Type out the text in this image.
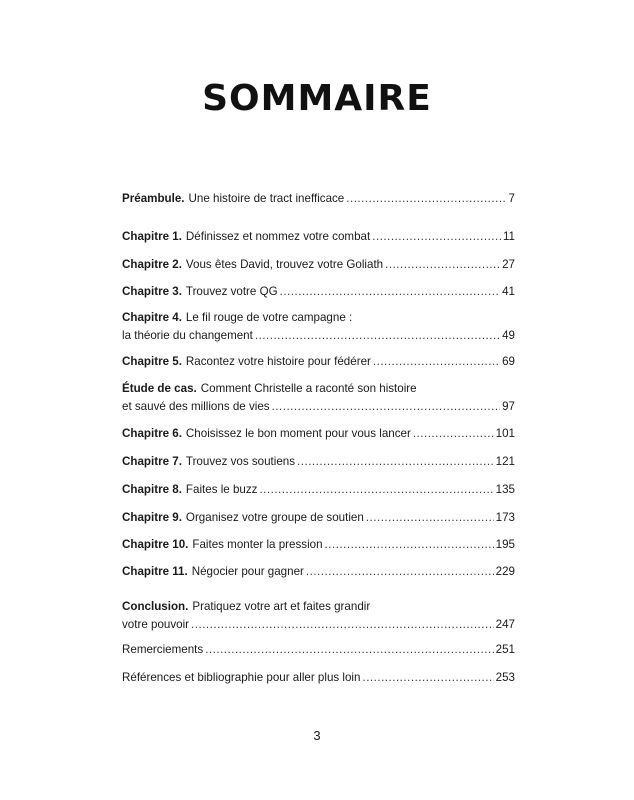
SOMMAIRE
Préambule. Une histoire de tract inefficace .....	7
Chapitre 1. Définissez et nommez votre combat .....	11
Chapitre 2. Vous êtes David, trouvez votre Goliath .....	27
Chapitre 3. Trouvez votre QG .....	41
Chapitre 4. Le fil rouge de votre campagne :
la théorie du changement .....	49
Chapitre 5. Racontez votre histoire pour fédérer .....	69
Étude de cas. Comment Christelle a raconté son histoire
et sauvé des millions de vies .....	97
Chapitre 6. Choisissez le bon moment pour vous lancer .....	101
Chapitre 7. Trouvez vos soutiens .....	121
Chapitre 8. Faites le buzz .....	135
Chapitre 9. Organisez votre groupe de soutien .....	173
Chapitre 10. Faites monter la pression .....	195
Chapitre 11. Négocier pour gagner .....	229
Conclusion. Pratiquez votre art et faites grandir
votre pouvoir .....	247
Remerciements .....	251
Références et bibliographie pour aller plus loin .....	253
3
